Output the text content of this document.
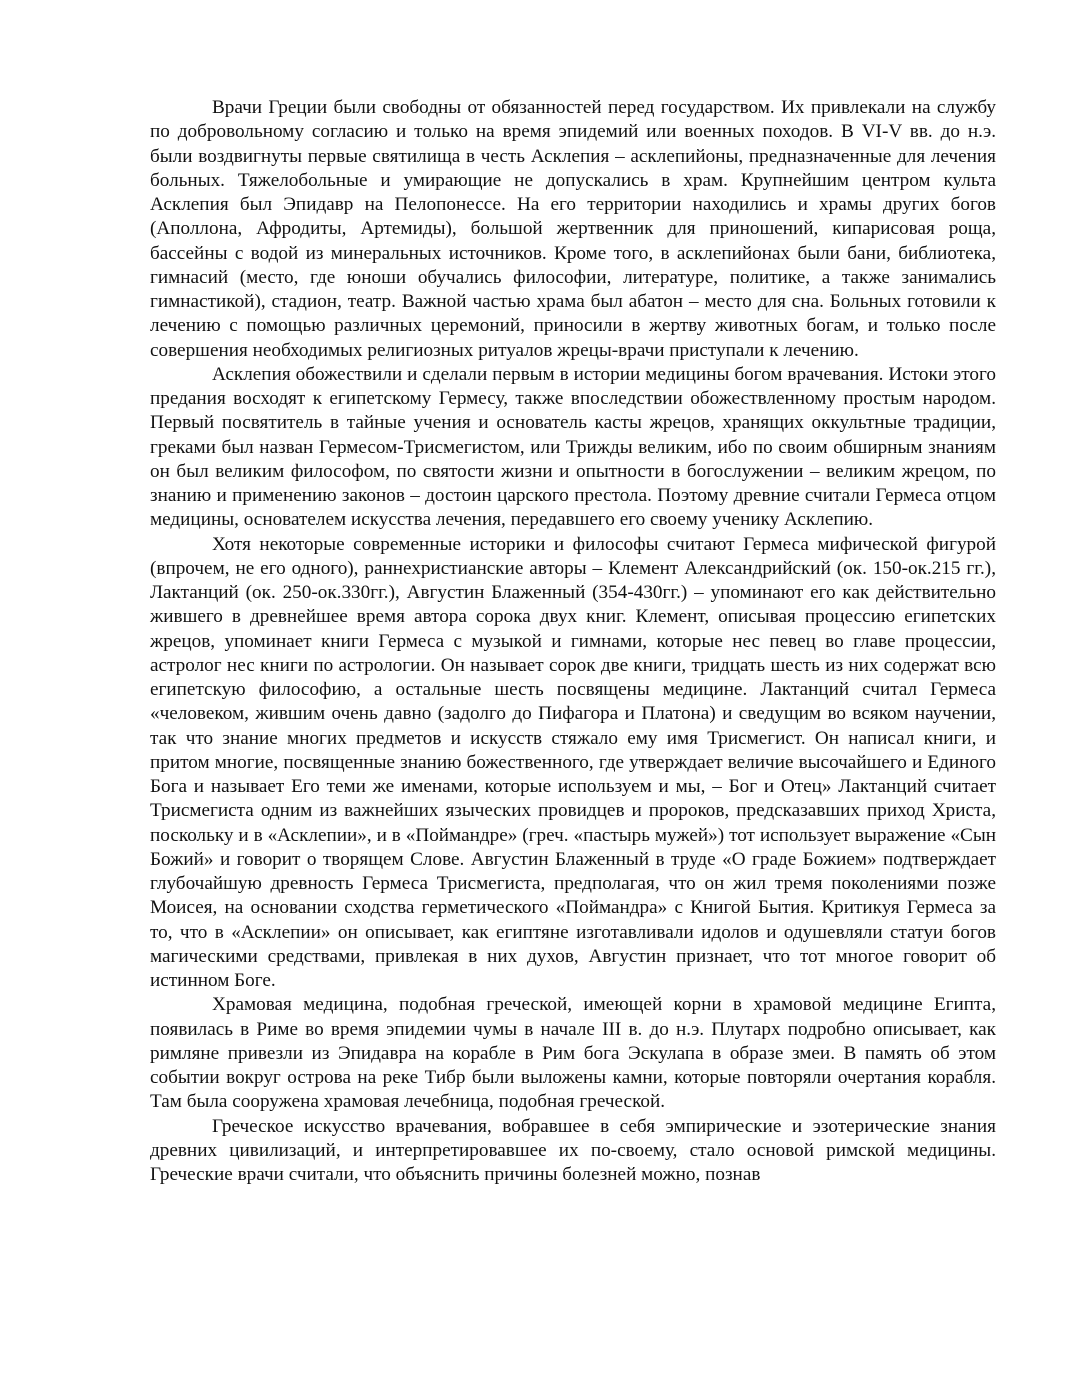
Врачи Греции были свободны от обязанностей перед государством. Их привлекали на службу по добровольному согласию и только на время эпидемий или военных походов. В VI-V вв. до н.э. были воздвигнуты первые святилища в честь Асклепия – асклепийоны, предназначенные для лечения больных. Тяжелобольные и умирающие не допускались в храм. Крупнейшим центром культа Асклепия был Эпидавр на Пелопонессе. На его территории находились и храмы других богов (Аполлона, Афродиты, Артемиды), большой жертвенник для приношений, кипарисовая роща, бассейны с водой из минеральных источников. Кроме того, в асклепийонах были бани, библиотека, гимнасий (место, где юноши обучались философии, литературе, политике, а также занимались гимнастикой), стадион, театр. Важной частью храма был абатон – место для сна. Больных готовили к лечению с помощью различных церемоний, приносили в жертву животных богам, и только после совершения необходимых религиозных ритуалов жрецы-врачи приступали к лечению.

Асклепия обожествили и сделали первым в истории медицины богом врачевания. Истоки этого предания восходят к египетскому Гермесу, также впоследствии обожествленному простым народом. Первый посвятитель в тайные учения и основатель касты жрецов, хранящих оккультные традиции, греками был назван Гермесом-Трисмегистом, или Трижды великим, ибо по своим обширным знаниям он был великим философом, по святости жизни и опытности в богослужении – великим жрецом, по знанию и применению законов – достоин царского престола. Поэтому древние считали Гермеса отцом медицины, основателем искусства лечения, передавшего его своему ученику Асклепию.

Хотя некоторые современные историки и философы считают Гермеса мифической фигурой (впрочем, не его одного), раннехристианские авторы – Клемент Александрийский (ок. 150-ок.215 гг.), Лактанций (ок. 250-ок.330гг.), Августин Блаженный (354-430гг.) – упоминают его как действительно жившего в древнейшее время автора сорока двух книг. Клемент, описывая процессию египетских жрецов, упоминает книги Гермеса с музыкой и гимнами, которые нес певец во главе процессии, астролог нес книги по астрологии. Он называет сорок две книги, тридцать шесть из них содержат всю египетскую философию, а остальные шесть посвящены медицине. Лактанций считал Гермеса «человеком, жившим очень давно (задолго до Пифагора и Платона) и сведущим во всяком научении, так что знание многих предметов и искусств стяжало ему имя Трисмегист. Он написал книги, и притом многие, посвященные знанию божественного, где утверждает величие высочайшего и Единого Бога и называет Его теми же именами, которые используем и мы, – Бог и Отец» Лактанций считает Трисмегиста одним из важнейших языческих провидцев и пророков, предсказавших приход Христа, поскольку и в «Асклепии», и в «Поймандре» (греч. «пастырь мужей») тот использует выражение «Сын Божий» и говорит о творящем Слове. Августин Блаженный в труде «О граде Божием» подтверждает глубочайшую древность Гермеса Трисмегиста, предполагая, что он жил тремя поколениями позже Моисея, на основании сходства герметического «Поймандра» с Книгой Бытия. Критикуя Гермеса за то, что в «Асклепии» он описывает, как египтяне изготавливали идолов и одушевляли статуи богов магическими средствами, привлекая в них духов, Августин признает, что тот многое говорит об истинном Боге.

Храмовая медицина, подобная греческой, имеющей корни в храмовой медицине Египта, появилась в Риме во время эпидемии чумы в начале III в. до н.э. Плутарх подробно описывает, как римляне привезли из Эпидавра на корабле в Рим бога Эскулапа в образе змеи. В память об этом событии вокруг острова на реке Тибр были выложены камни, которые повторяли очертания корабля. Там была сооружена храмовая лечебница, подобная греческой.

Греческое искусство врачевания, вобравшее в себя эмпирические и эзотерические знания древних цивилизаций, и интерпретировавшее их по-своему, стало основой римской медицины. Греческие врачи считали, что объяснить причины болезней можно, познав
